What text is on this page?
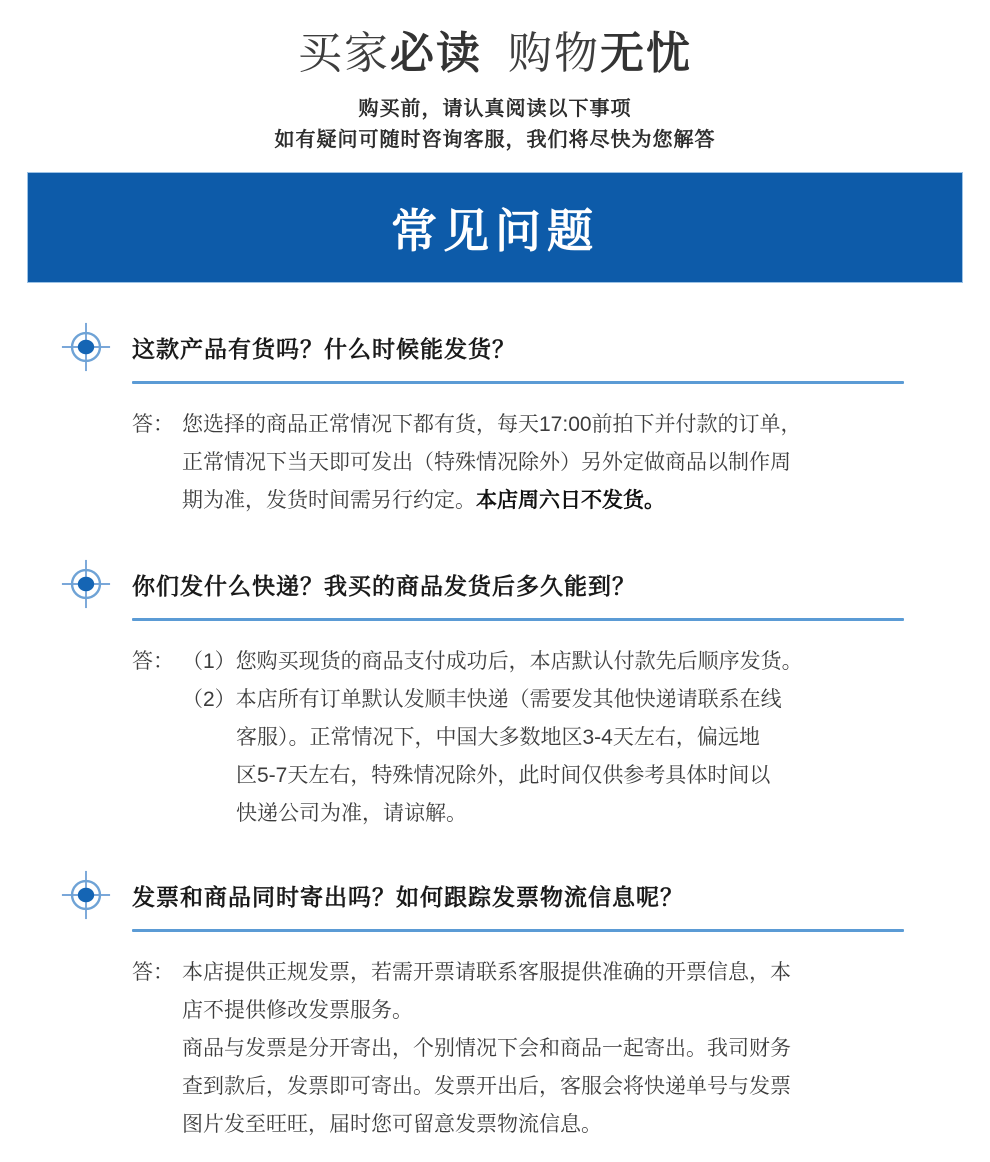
买家必读 购物无忧
购买前，请认真阅读以下事项
如有疑问可随时咨询客服，我们将尽快为您解答
常见问题
这款产品有货吗？什么时候能发货？
答： 您选择的商品正常情况下都有货，每天17:00前拍下并付款的订单，
正常情况下当天即可发出（特殊情况除外）另外定做商品以制作周
期为准，发货时间需另行约定。本店周六日不发货。
你们发什么快递？我买的商品发货后多久能到？
答： （1）您购买现货的商品支付成功后，本店默认付款先后顺序发货。
（2）本店所有订单默认发顺丰快递（需要发其他快递请联系在线
客服）。正常情况下，中国大多数地区3-4天左右，偏远地
区5-7天左右，特殊情况除外，此时间仅供参考具体时间以
快递公司为准，请谅解。
发票和商品同时寄出吗？如何跟踪发票物流信息呢？
答： 本店提供正规发票，若需开票请联系客服提供准确的开票信息，本
店不提供修改发票服务。
商品与发票是分开寄出，个别情况下会和商品一起寄出。我司财务
查到款后，发票即可寄出。发票开出后，客服会将快递单号与发票
图片发至旺旺，届时您可留意发票物流信息。
